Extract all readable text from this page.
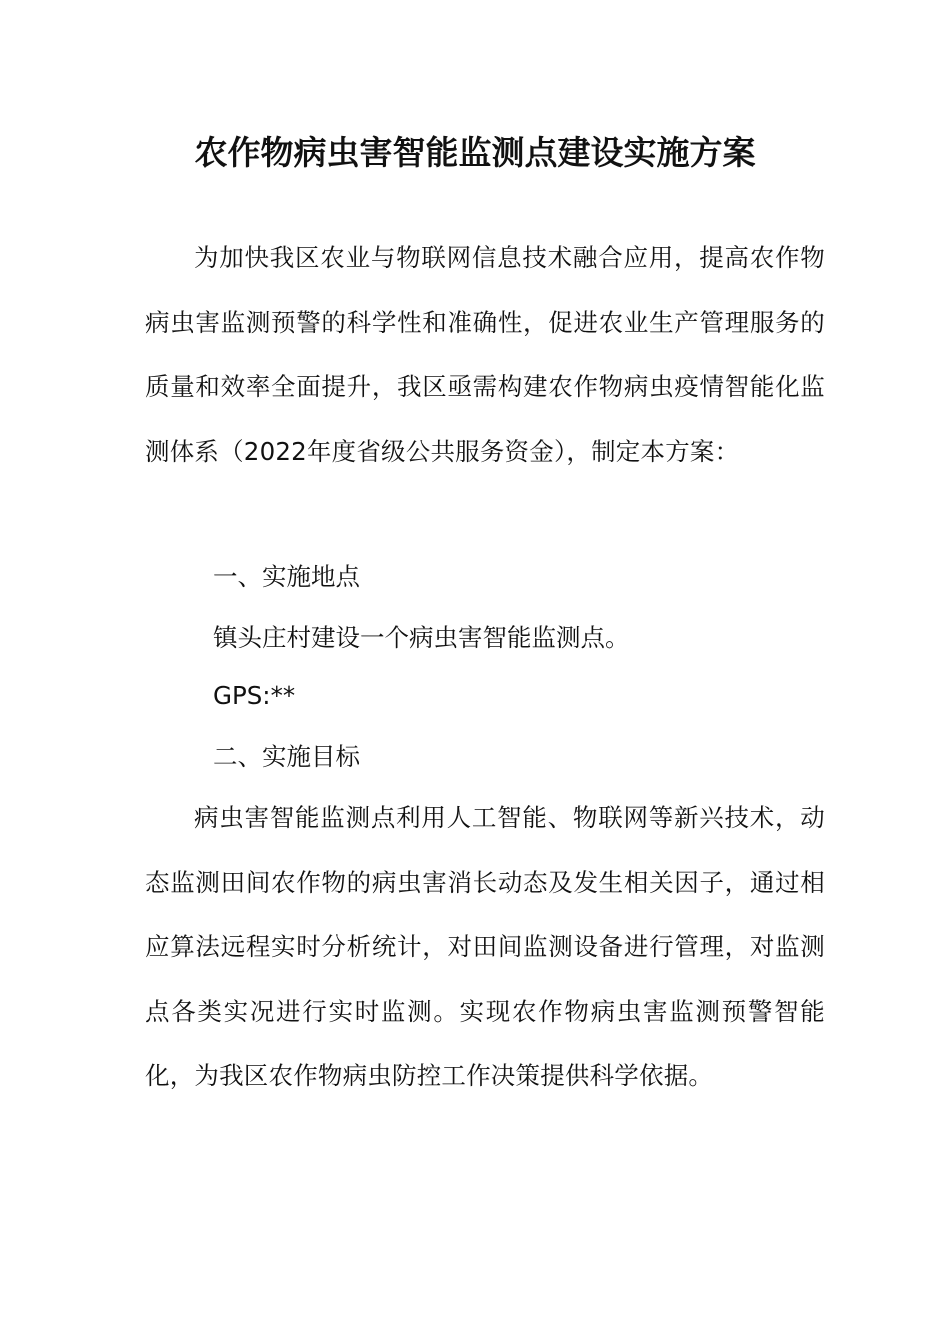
农作物病虫害智能监测点建设实施方案

为加快我区农业与物联网信息技术融合应用，提高农作物病虫害监测预警的科学性和准确性，促进农业生产管理服务的质量和效率全面提升，我区亟需构建农作物病虫疫情智能化监测体系（2022年度省级公共服务资金），制定本方案：

一、实施地点

镇头庄村建设一个病虫害智能监测点。

GPS:**

二、实施目标

病虫害智能监测点利用人工智能、物联网等新兴技术，动态监测田间农作物的病虫害消长动态及发生相关因子，通过相应算法远程实时分析统计，对田间监测设备进行管理，对监测点各类实况进行实时监测。实现农作物病虫害监测预警智能化，为我区农作物病虫防控工作决策提供科学依据。
